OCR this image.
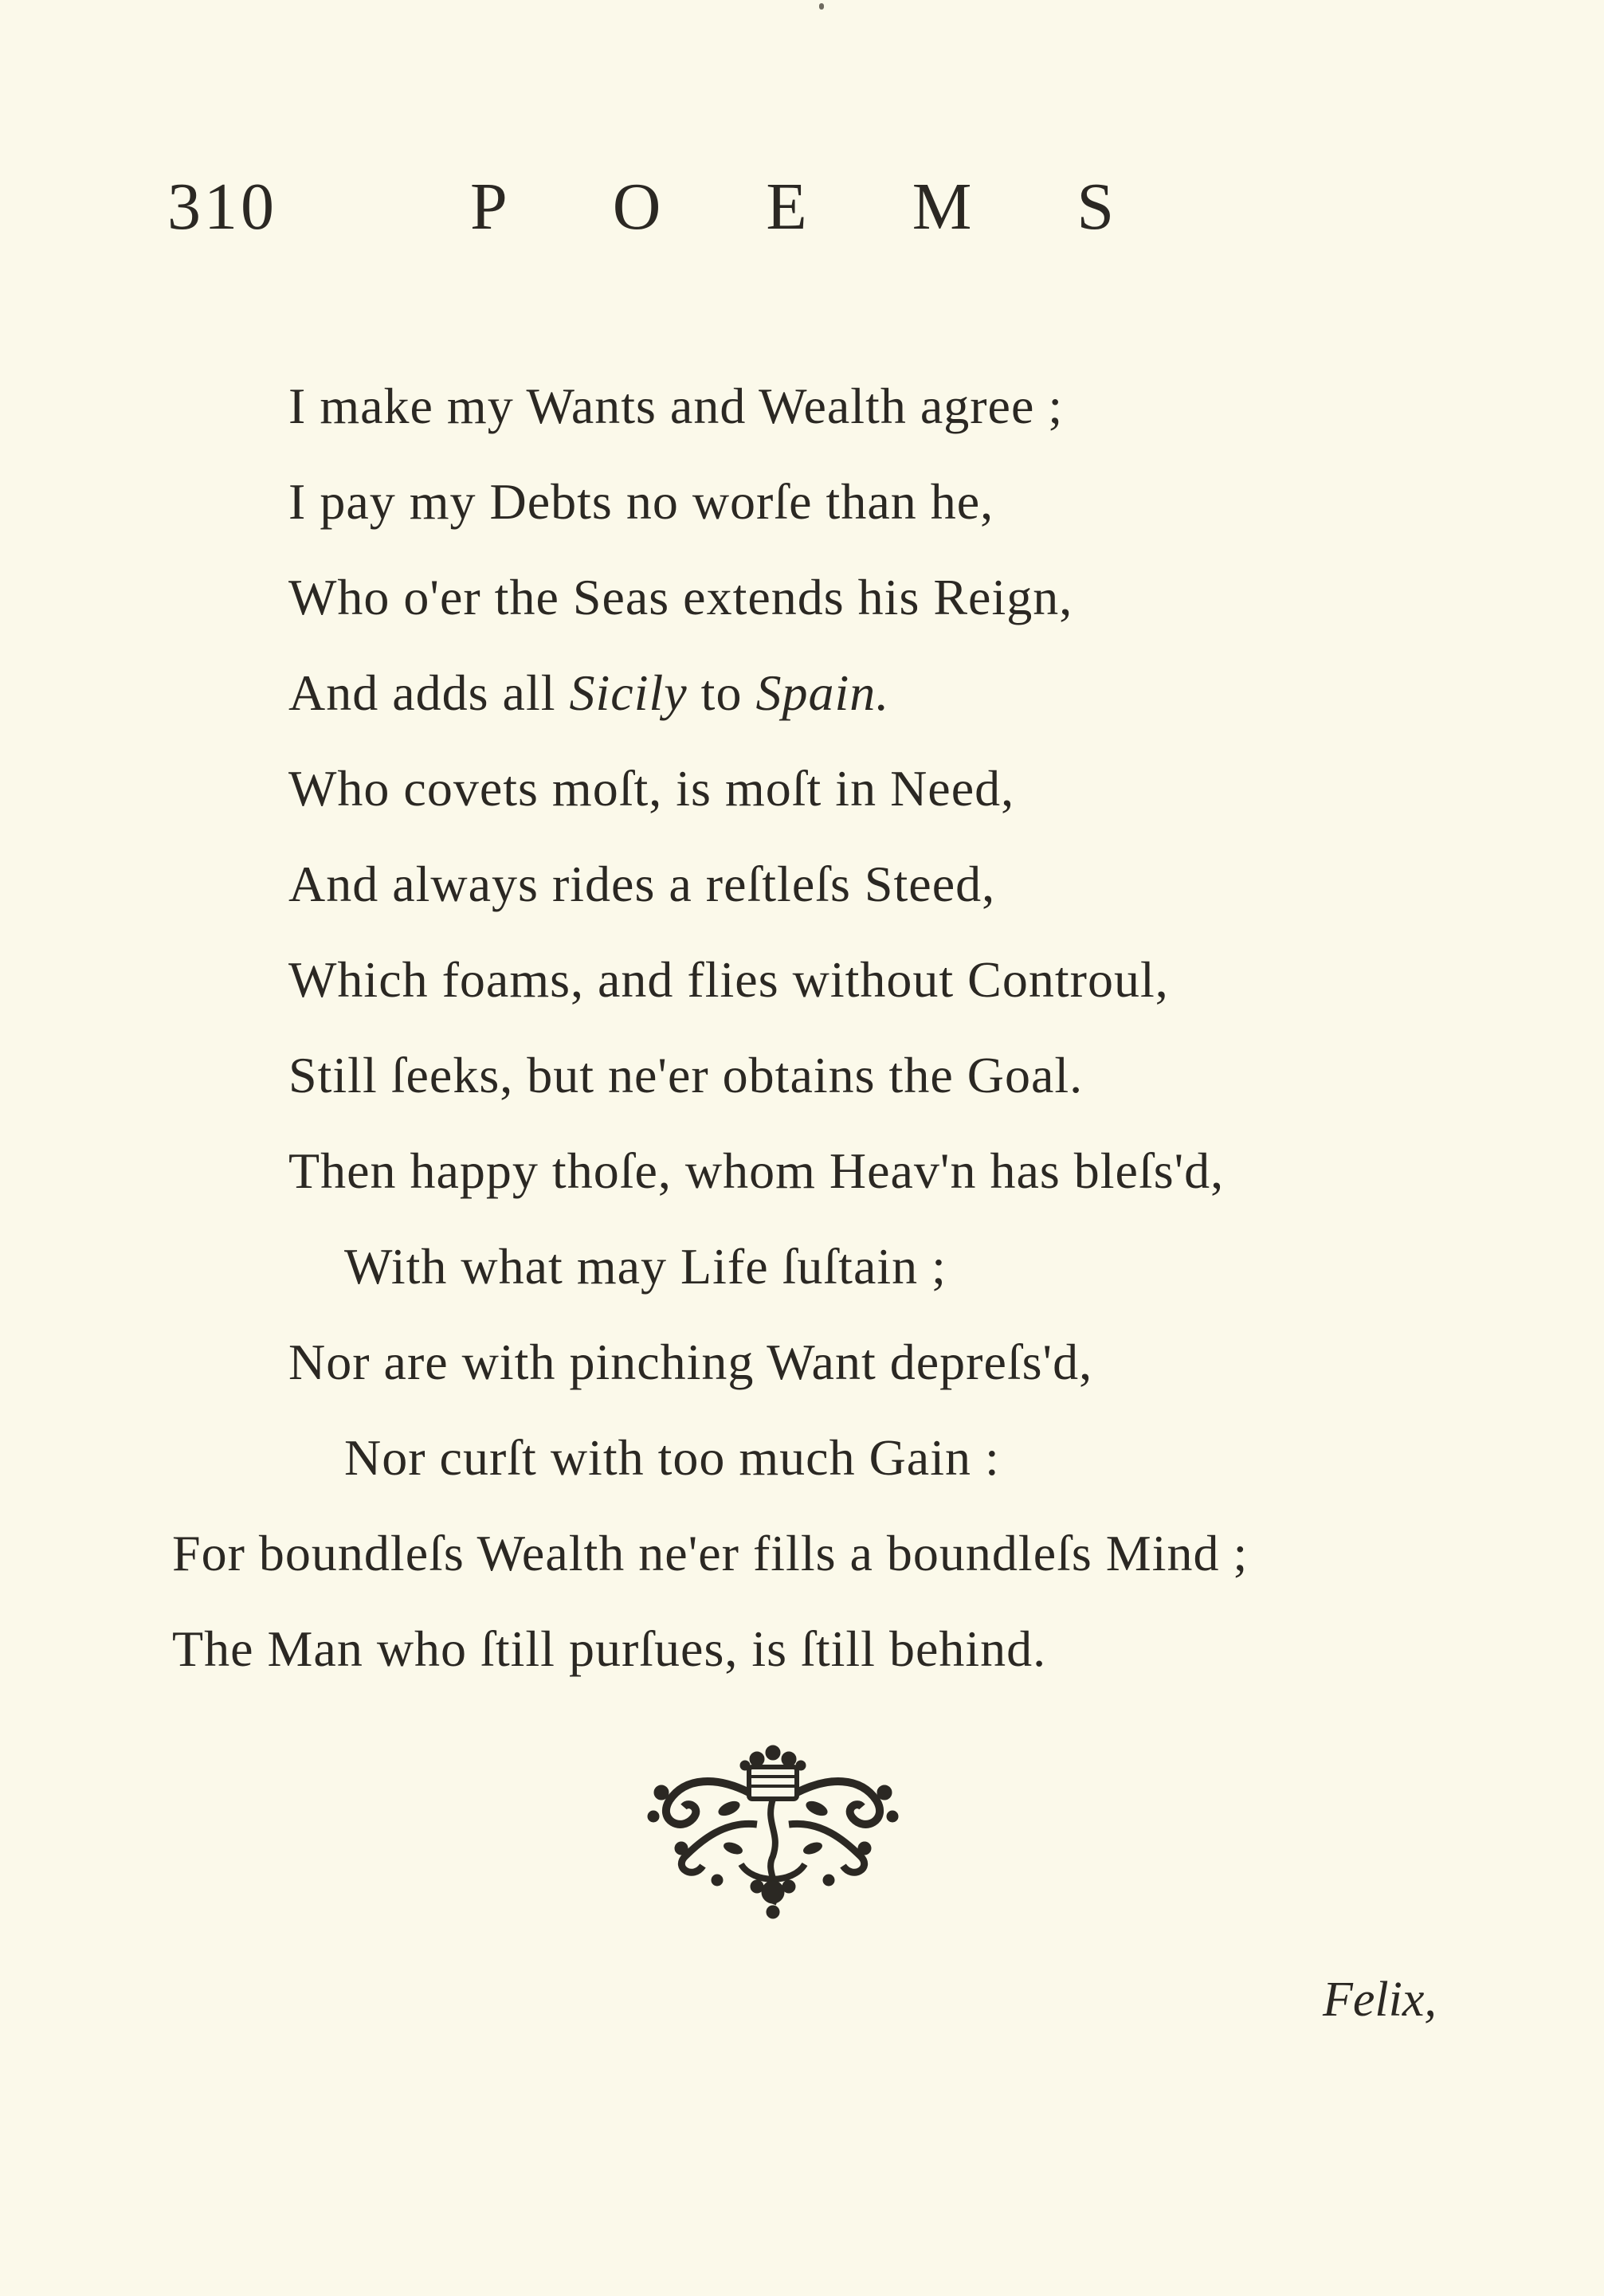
310	POEMS
I make my Wants and Wealth agree ;
I pay my Debts no worſe than he,
Who o'er the Seas extends his Reign,
And adds all Sicily to Spain.
Who covets moſt, is moſt in Need,
And always rides a reſtleſs Steed,
Which foams, and flies without Controul,
Still ſeeks, but ne'er obtains the Goal.
Then happy thoſe, whom Heav'n has bleſs'd,
With what may Life ſuſtain ;
Nor are with pinching Want depreſs'd,
Nor curſt with too much Gain :
For boundleſs Wealth ne'er fills a boundleſs Mind ;
The Man who ſtill purſues, is ſtill behind.
Felix,
